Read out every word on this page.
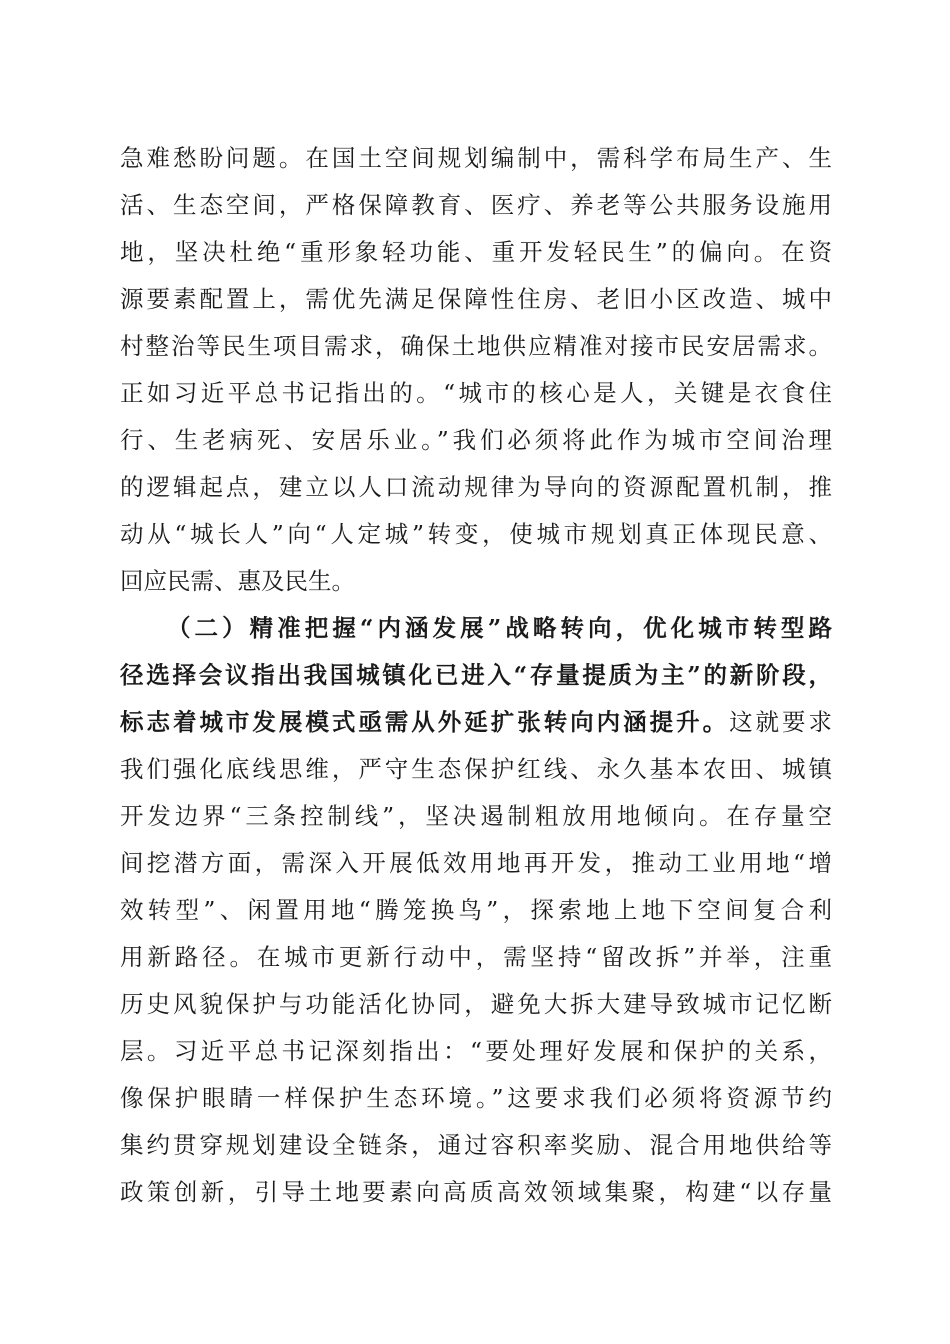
急难愁盼问题。在国土空间规划编制中，需科学布局生产、生
活、生态空间，严格保障教育、医疗、养老等公共服务设施用
地，坚决杜绝“重形象轻功能、重开发轻民生”的偏向。在资
源要素配置上，需优先满足保障性住房、老旧小区改造、城中
村整治等民生项目需求，确保土地供应精准对接市民安居需求。
正如习近平总书记指出的。“城市的核心是人，关键是衣食住
行、生老病死、安居乐业。”我们必须将此作为城市空间治理
的逻辑起点，建立以人口流动规律为导向的资源配置机制，推
动从“城长人”向“人定城”转变，使城市规划真正体现民意、
回应民需、惠及民生。
（二）精准把握“内涵发展”战略转向，优化城市转型路
径选择会议指出我国城镇化已进入“存量提质为主”的新阶段，
标志着城市发展模式亟需从外延扩张转向内涵提升。这就要求
我们强化底线思维，严守生态保护红线、永久基本农田、城镇
开发边界“三条控制线”，坚决遏制粗放用地倾向。在存量空
间挖潜方面，需深入开展低效用地再开发，推动工业用地“增
效转型”、闲置用地“腾笼换鸟”，探索地上地下空间复合利
用新路径。在城市更新行动中，需坚持“留改拆”并举，注重
历史风貌保护与功能活化协同，避免大拆大建导致城市记忆断
层。习近平总书记深刻指出：“要处理好发展和保护的关系，
像保护眼睛一样保护生态环境。”这要求我们必须将资源节约
集约贯穿规划建设全链条，通过容积率奖励、混合用地供给等
政策创新，引导土地要素向高质高效领域集聚，构建“以存量
